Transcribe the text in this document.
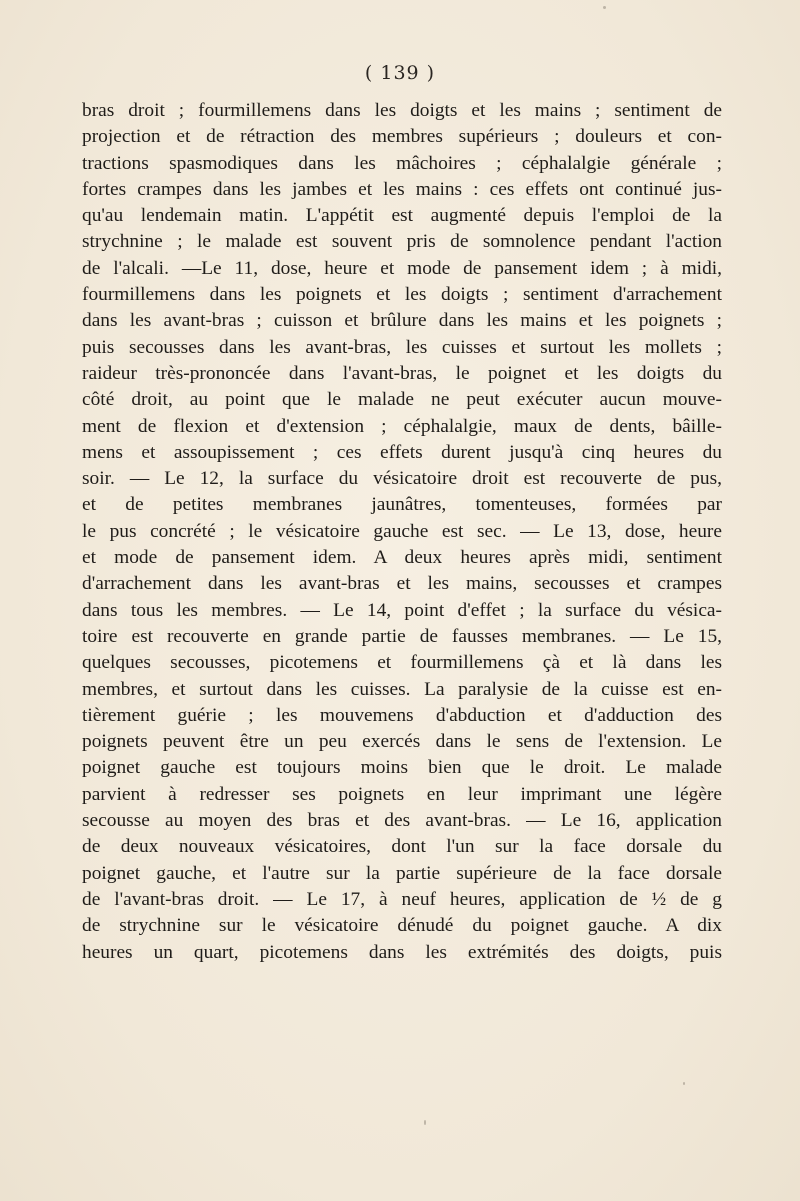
( 139 )
bras droit ; fourmillemens dans les doigts et les mains ; sentiment de
projection et de rétraction des membres supérieurs ; douleurs et con-
tractions spasmodiques dans les mâchoires ; céphalalgie générale ;
fortes crampes dans les jambes et les mains : ces effets ont continué jus-
qu'au lendemain matin. L'appétit est augmenté depuis l'emploi de la
strychnine ; le malade est souvent pris de somnolence pendant l'action
de l'alcali. —Le 11, dose, heure et mode de pansement idem ; à midi,
fourmillemens dans les poignets et les doigts ; sentiment d'arrachement
dans les avant-bras ; cuisson et brûlure dans les mains et les poignets ;
puis secousses dans les avant-bras, les cuisses et surtout les mollets ;
raideur très-prononcée dans l'avant-bras, le poignet et les doigts du
côté droit, au point que le malade ne peut exécuter aucun mouve-
ment de flexion et d'extension ; céphalalgie, maux de dents, bâille-
mens et assoupissement ; ces effets durent jusqu'à cinq heures du
soir. — Le 12, la surface du vésicatoire droit est recouverte de pus,
et de petites membranes jaunâtres, tomenteuses, formées par
le pus concrété ; le vésicatoire gauche est sec. — Le 13, dose, heure
et mode de pansement idem. A deux heures après midi, sentiment
d'arrachement dans les avant-bras et les mains, secousses et crampes
dans tous les membres. — Le 14, point d'effet ; la surface du vésica-
toire est recouverte en grande partie de fausses membranes. — Le 15,
quelques secousses, picotemens et fourmillemens çà et là dans les
membres, et surtout dans les cuisses. La paralysie de la cuisse est en-
tièrement guérie ; les mouvemens d'abduction et d'adduction des
poignets peuvent être un peu exercés dans le sens de l'extension. Le
poignet gauche est toujours moins bien que le droit. Le malade
parvient à redresser ses poignets en leur imprimant une légère
secousse au moyen des bras et des avant-bras. — Le 16, application
de deux nouveaux vésicatoires, dont l'un sur la face dorsale du
poignet gauche, et l'autre sur la partie supérieure de la face dorsale
de l'avant-bras droit. — Le 17, à neuf heures, application de ½ de g
de strychnine sur le vésicatoire dénudé du poignet gauche. A dix
heures un quart, picotemens dans les extrémités des doigts, puis
